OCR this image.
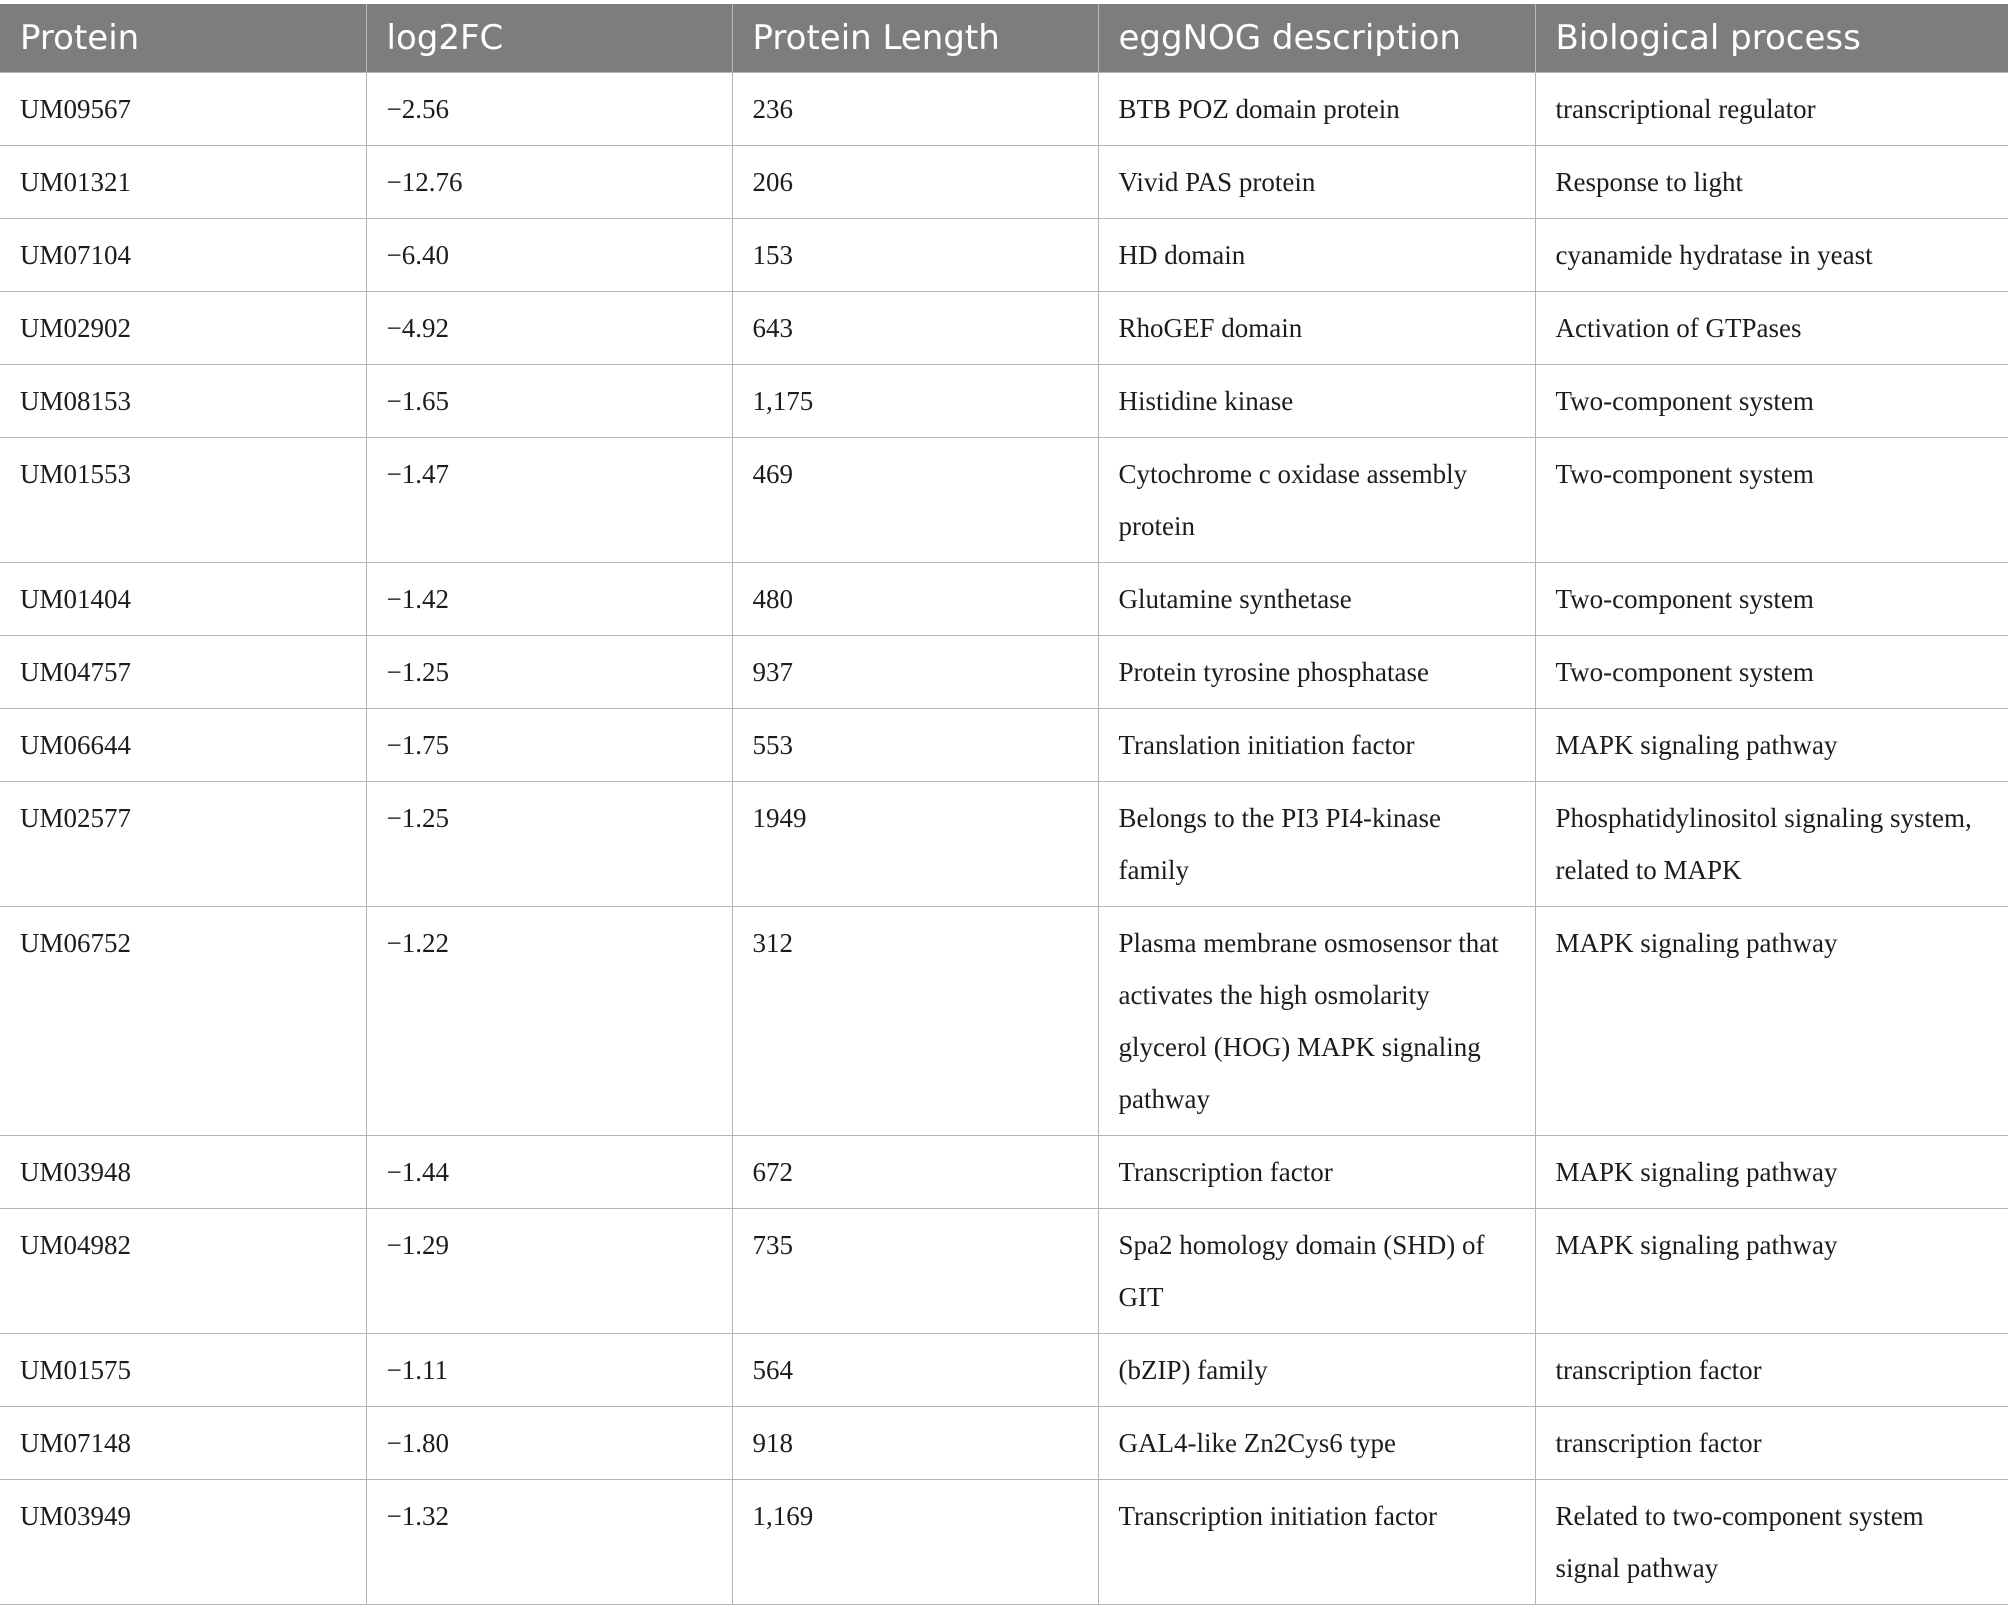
Protein	log2FC	Protein Length	eggNOG description	Biological process
UM09567	−2.56	236	BTB POZ domain protein	transcriptional regulator
UM01321	−12.76	206	Vivid PAS protein	Response to light
UM07104	−6.40	153	HD domain	cyanamide hydratase in yeast
UM02902	−4.92	643	RhoGEF domain	Activation of GTPases
UM08153	−1.65	1,175	Histidine kinase	Two-component system
UM01553	−1.47	469	Cytochrome c oxidase assembly protein	Two-component system
UM01404	−1.42	480	Glutamine synthetase	Two-component system
UM04757	−1.25	937	Protein tyrosine phosphatase	Two-component system
UM06644	−1.75	553	Translation initiation factor	MAPK signaling pathway
UM02577	−1.25	1949	Belongs to the PI3 PI4-kinase family	Phosphatidylinositol signaling system, related to MAPK
UM06752	−1.22	312	Plasma membrane osmosensor that activates the high osmolarity glycerol (HOG) MAPK signaling pathway	MAPK signaling pathway
UM03948	−1.44	672	Transcription factor	MAPK signaling pathway
UM04982	−1.29	735	Spa2 homology domain (SHD) of GIT	MAPK signaling pathway
UM01575	−1.11	564	(bZIP) family	transcription factor
UM07148	−1.80	918	GAL4-like Zn2Cys6 type	transcription factor
UM03949	−1.32	1,169	Transcription initiation factor	Related to two-component system signal pathway
